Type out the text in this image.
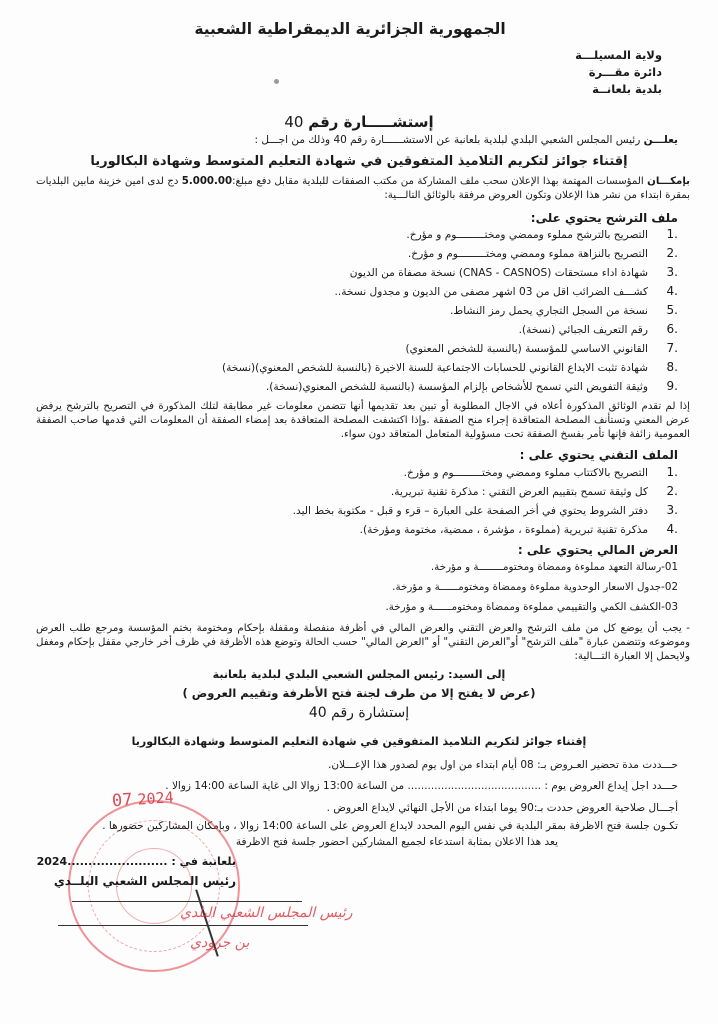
الجمهورية الجزائرية الديمقراطية الشعبية
ولاية المسيلـــة
دائرة مقـــرة
بلدية بلعانــة
إستشـــــارة رقم 40
يعلـــن رئيس المجلس الشعبي البلدي لبلدية بلعانبة عن الاستشــــــارة رقم 40 وذلك من اجـــل :
إقتناء جوائز لتكريم التلاميذ المتفوقين في شهادة التعليم المتوسط وشهادة البكالوريا
بإمكـــان المؤسسات المهتمة بهذا الإعلان سحب ملف المشاركة من مكتب الصفقات للبلدية مقابل دفع مبلغ:5.000.00 دج لدى امين خزينة مابين البلديات بمقرة ابتداء من نشر هذا الإعلان وتكون العروض مرفقة بالوثائق التالـــية:
ملف الترشح يحتوي على:
1.
التصريح بالترشح مملوء وممضي ومختـــــــــوم و مؤرخ.
2.
التصريح بالنزاهة مملوء وممضي ومختـــــــــوم و مؤرخ.
3.
شهادة اداء مستحقات (CNAS - CASNOS) نسخة مصفاة من الديون
4.
كشـــف الضرائب اقل من 03 اشهر مصفى من الديون و مجدول نسخة..
5.
نسخة من السجل التجاري يحمل رمز النشاط.
6.
رقم التعريف الجبائي (نسخة).
7.
القانوني الاساسي للمؤسسة (بالنسبة للشخص المعنوي)
8.
شهادة تثبت الايداع القانوني للحسابات الاجتماعية للسنة الاخيرة (بالنسبة للشخص المعنوي)(نسخة)
9.
وثيقة التفويض التي تسمح للأشخاص بإلزام المؤسسة (بالنسبة للشخص المعنوي(نسخة).
إذا لم تقدم الوثائق المذكورة أعلاه في الاجال المطلوبة أو تبين بعد تقديمها أنها تتضمن معلومات غير مطابقة لتلك المذكورة في التصريح بالترشح يرفض عرض المعني وتستأنف المصلحة المتعاقدة إجراء منح الصفقة .وإذا اكتشفت المصلحة المتعاقدة بعد إمضاء الصفقة أن المعلومات التي قدمها صاحب الصفقة العمومية زائفة فإنها تأمر بفسخ الصفقة تحت مسؤولية المتعامل المتعاقد دون سواء.
الملف التقني يحتوي على :
1.
التصريح بالاكتتاب مملوء وممضي ومختـــــــــوم و مؤرخ.
2.
كل وثيقة تسمح بتقييم العرض التقني : مذكرة تقنية تبريرية.
3.
دفتر الشروط يحتوي في أخر الصفحة على العبارة – قرء و قبل - مكتوبة بخط اليد.
4.
مذكرة تقنية تبريرية (مملوءة ، مؤشرة ، ممضية، مختومة ومؤرخة).
العرض المالي يحتوي على :
01-رسالة التعهد مملوءة وممضاة ومختومــــــــة و مؤرخة.
02-جدول الاسعار الوحدوية مملوءة وممضاة ومختومــــــة و مؤرخة.
03-الكشف الكمي والتقييمي مملوءة وممضاة ومختومــــــة و مؤرخة.
- يجب أن يوضع كل من ملف الترشح والعرض التقني والعرض المالي في أظرفة منفصلة ومقفلة بإحكام ومختومة بختم المؤسسة ومرجع طلب العرض وموضوعه وتتضمن عبارة "ملف الترشح" أو"العرض التقني" أو "العرض المالي" حسب الحالة وتوضع هذه الأظرفة في ظرف أخر خارجي مقفل بإحكام ومغفل ولايحمل إلا العبارة التـــالية:
إلى السيد: رئيس المجلس الشعبي البلدي لبلدية بلعانبة
(عرض لا يفتح إلا من طرف لجنة فتح الأظرفة وتقييم العروض )
إستشارة رقم 40
إقتناء جوائز لتكريم التلاميذ المتفوقين في شهادة التعليم المتوسط وشهادة البكالوريا
حـــددت مدة تحضير العـروض بـ: 08 أيام ابتداء من اول يوم لصدور هذا الإعـــلان.
حـــدد اجل إيداع العروض يوم : ........................................ من الساعة 13:00 زوالا الى غاية الساعة 14:00 زوالا .
2024 07	أجـــال صلاحية العروض حددت بـ:90 يوما ابتداء من الأجل النهائي لايداع العروض .
تكـون جلسة فتح الاظرفة بمقر البلدية في نفس اليوم المحدد لايداع العروض على الساعة 14:00 زوالا ، وبإمكان المشاركين حضورها .
يعد هذا الاعلان بمثابة استدعاء لجميع المشاركين احضور جلسة فتح الاظرفة
بلعانبة في : ........................2024
رئيس المجلس الشعبي البلــدي
رئيس المجلس الشعبي البلدي
بن جرودي
